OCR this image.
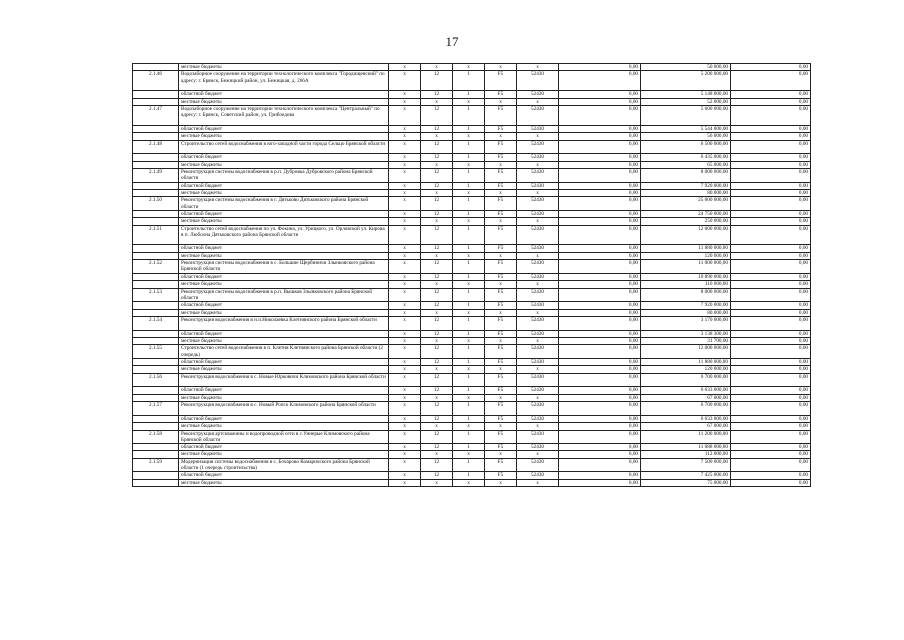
17
	местные бюджеты	x	x	x	x	x	0,00	50 000,00	0,00
2.1.46	Водозаборное сооружение на территории технологического комплекса "Городищенский" по адресу: г. Брянск, Бежицкий район, ул. Бежицкая, д. 266А	x	12	1	F5	52430	0,00	5 200 000,00	0,00
	областной бюджет	x	12	1	F5	52430	0,00	5 148 000,00	0,00
	местные бюджеты	x	x	x	x	x	0,00	52 000,00	0,00
2.1.47	Водозаборное сооружение на территории технологического комплекса "Центральный" по адресу: г. Брянск, Советский район, ул. Грибоедова	x	12	1	F5	52430	0,00	5 600 000,00	0,00
	областной бюджет	x	12	1	F5	52430	0,00	5 544 000,00	0,00
	местные бюджеты	x	x	x	x	x	0,00	56 000,00	0,00
2.1.48	Строительство сетей водоснабжения в юго-западной части города Сельцо Брянской области	x	12	1	F5	52430	0,00	6 500 000,00	0,00
	областной бюджет	x	12	1	F5	52430	0,00	6 435 000,00	0,00
	местные бюджеты	x	x	x	x	x	0,00	65 000,00	0,00
2.1.49	Реконструкция системы водоснабжения в р.п. Дубровка Дубровского района Брянской области	x	12	1	F5	52430	0,00	8 000 000,00	0,00
	областной бюджет	x	12	1	F5	52430	0,00	7 920 000,00	0,00
	местные бюджеты	x	x	x	x	x	0,00	80 000,00	0,00
2.1.50	Реконструкция системы водоснабжения в г. Дятьково Дятьковского района Брянской области	x	12	1	F5	52430	0,00	25 000 000,00	0,00
	областной бюджет	x	12	1	F5	52430	0,00	24 750 000,00	0,00
	местные бюджеты	x	x	x	x	x	0,00	250 000,00	0,00
2.1.51	Строительство сетей водоснабжения по ул. Фокина, ул. Урицкого, ул. Орловской ул. Кирова в п. Любохна Дятьковского района Брянской области	x	12	1	F5	52430	0,00	12 000 000,00	0,00
	областной бюджет	x	12	1	F5	52430	0,00	11 880 000,00	0,00
	местные бюджеты	x	x	x	x	x	0,00	120 000,00	0,00
2.1.52	Реконструкция системы водоснабжения в с. Большие Щербиничи Злынковского района Брянской области	x	12	1	F5	52430	0,00	11 000 000,00	0,00
	областной бюджет	x	12	1	F5	52430	0,00	10 890 000,00	0,00
	местные бюджеты	x	x	x	x	x	0,00	110 000,00	0,00
2.1.53	Реконструкция системы водоснабжения в р.п. Вышков Злынковского района Брянской области	x	12	1	F5	52430	0,00	8 000 000,00	0,00
	областной бюджет	x	12	1	F5	52430	0,00	7 920 000,00	0,00
	местные бюджеты	x	x	x	x	x	0,00	80 000,00	0,00
2.1.54	Реконструкция водоснабжения в н.п.Николаевка Клетнянского района Брянской области	x	12	1	F5	52430	0,00	3 170 000,00	0,00
	областной бюджет	x	12	1	F5	52430	0,00	3 138 300,00	0,00
	местные бюджеты	x	x	x	x	x	0,00	31 700,00	0,00
2.1.55	Строительство сетей водоснабжения в п. Клетня Клетнянского района Брянской области (2 очередь)	x	12	1	F5	52430	0,00	12 000 000,00	0,00
	областной бюджет	x	12	1	F5	52430	0,00	11 880 000,00	0,00
	местные бюджеты	x	x	x	x	x	0,00	120 000,00	0,00
2.1.56	Реконструкция водоснабжения в с. Новые Юрковичи Климовского района Брянской области	x	12	1	F5	52430	0,00	6 700 000,00	0,00
	областной бюджет	x	12	1	F5	52430	0,00	6 633 000,00	0,00
	местные бюджеты	x	x	x	x	x	0,00	67 000,00	0,00
2.1.57	Реконструкция водоснабжения в с. Новый Ропск Климовского района Брянской области	x	12	1	F5	52430	0,00	6 700 000,00	0,00
	областной бюджет	x	12	1	F5	52430	0,00	6 633 000,00	0,00
	местные бюджеты	x	x	x	x	x	0,00	67 000,00	0,00
2.1.58	Реконструкция артскважины и водопроводной сети в с.Униерые Климовского района Брянской области	x	12	1	F5	52430	0,00	11 200 000,00	0,00
	областной бюджет	x	12	1	F5	52430	0,00	11 088 000,00	0,00
	местные бюджеты	x	x	x	x	x	0,00	112 000,00	0,00
2.1.59	Модернизация системы водоснабжения в с. Бочарово Комаричского района Брянской области (1 очередь строительства)	x	12	1	F5	52430	0,00	7 500 000,00	0,00
	областной бюджет	x	12	1	F5	52430	0,00	7 425 000,00	0,00
	местные бюджеты	x	x	x	x	x	0,00	75 000,00	0,00
